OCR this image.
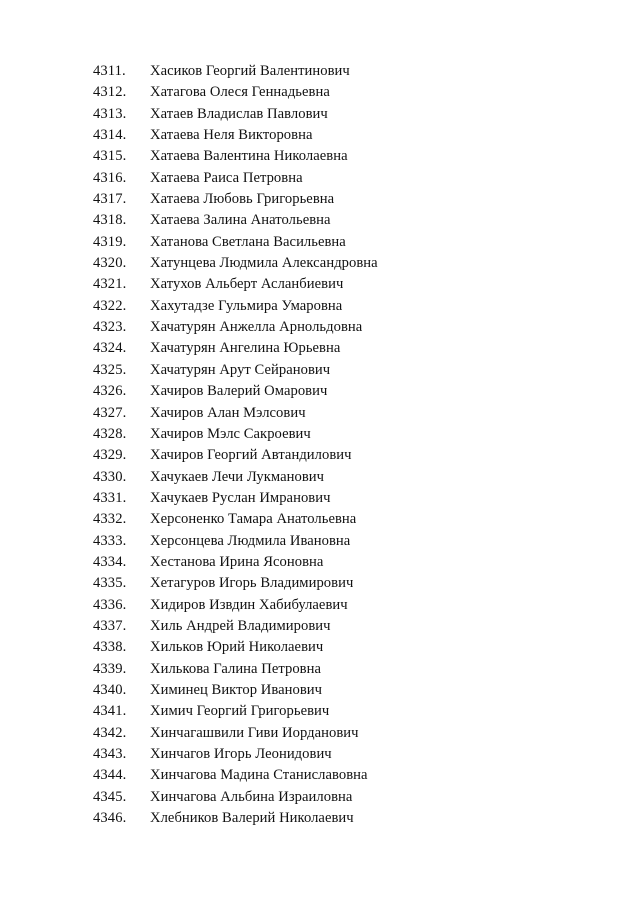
4311.	Хасиков Георгий Валентинович
4312.	Хатагова Олеся Геннадьевна
4313.	Хатаев Владислав Павлович
4314.	Хатаева Неля Викторовна
4315.	Хатаева Валентина Николаевна
4316.	Хатаева Раиса Петровна
4317.	Хатаева Любовь Григорьевна
4318.	Хатаева Залина Анатольевна
4319.	Хатанова Светлана Васильевна
4320.	Хатунцева Людмила Александровна
4321.	Хатухов Альберт Асланбиевич
4322.	Хахутадзе Гульмира Умаровна
4323.	Хачатурян Анжелла Арнольдовна
4324.	Хачатурян Ангелина Юрьевна
4325.	Хачатурян Арут Сейранович
4326.	Хачиров Валерий Омарович
4327.	Хачиров Алан Мэлсович
4328.	Хачиров Мэлс Сакроевич
4329.	Хачиров Георгий Автандилович
4330.	Хачукаев Лечи Лукманович
4331.	Хачукаев Руслан Имранович
4332.	Херсоненко Тамара Анатольевна
4333.	Херсонцева Людмила Ивановна
4334.	Хестанова Ирина Ясоновна
4335.	Хетагуров Игорь Владимирович
4336.	Хидиров Извдин Хабибулаевич
4337.	Хиль Андрей Владимирович
4338.	Хильков Юрий Николаевич
4339.	Хилькова Галина Петровна
4340.	Химинец Виктор Иванович
4341.	Химич Георгий Григорьевич
4342.	Хинчагашвили Гиви Иорданович
4343.	Хинчагов Игорь Леонидович
4344.	Хинчагова Мадина Станиславовна
4345.	Хинчагова Альбина Израиловна
4346.	Хлебников Валерий Николаевич
